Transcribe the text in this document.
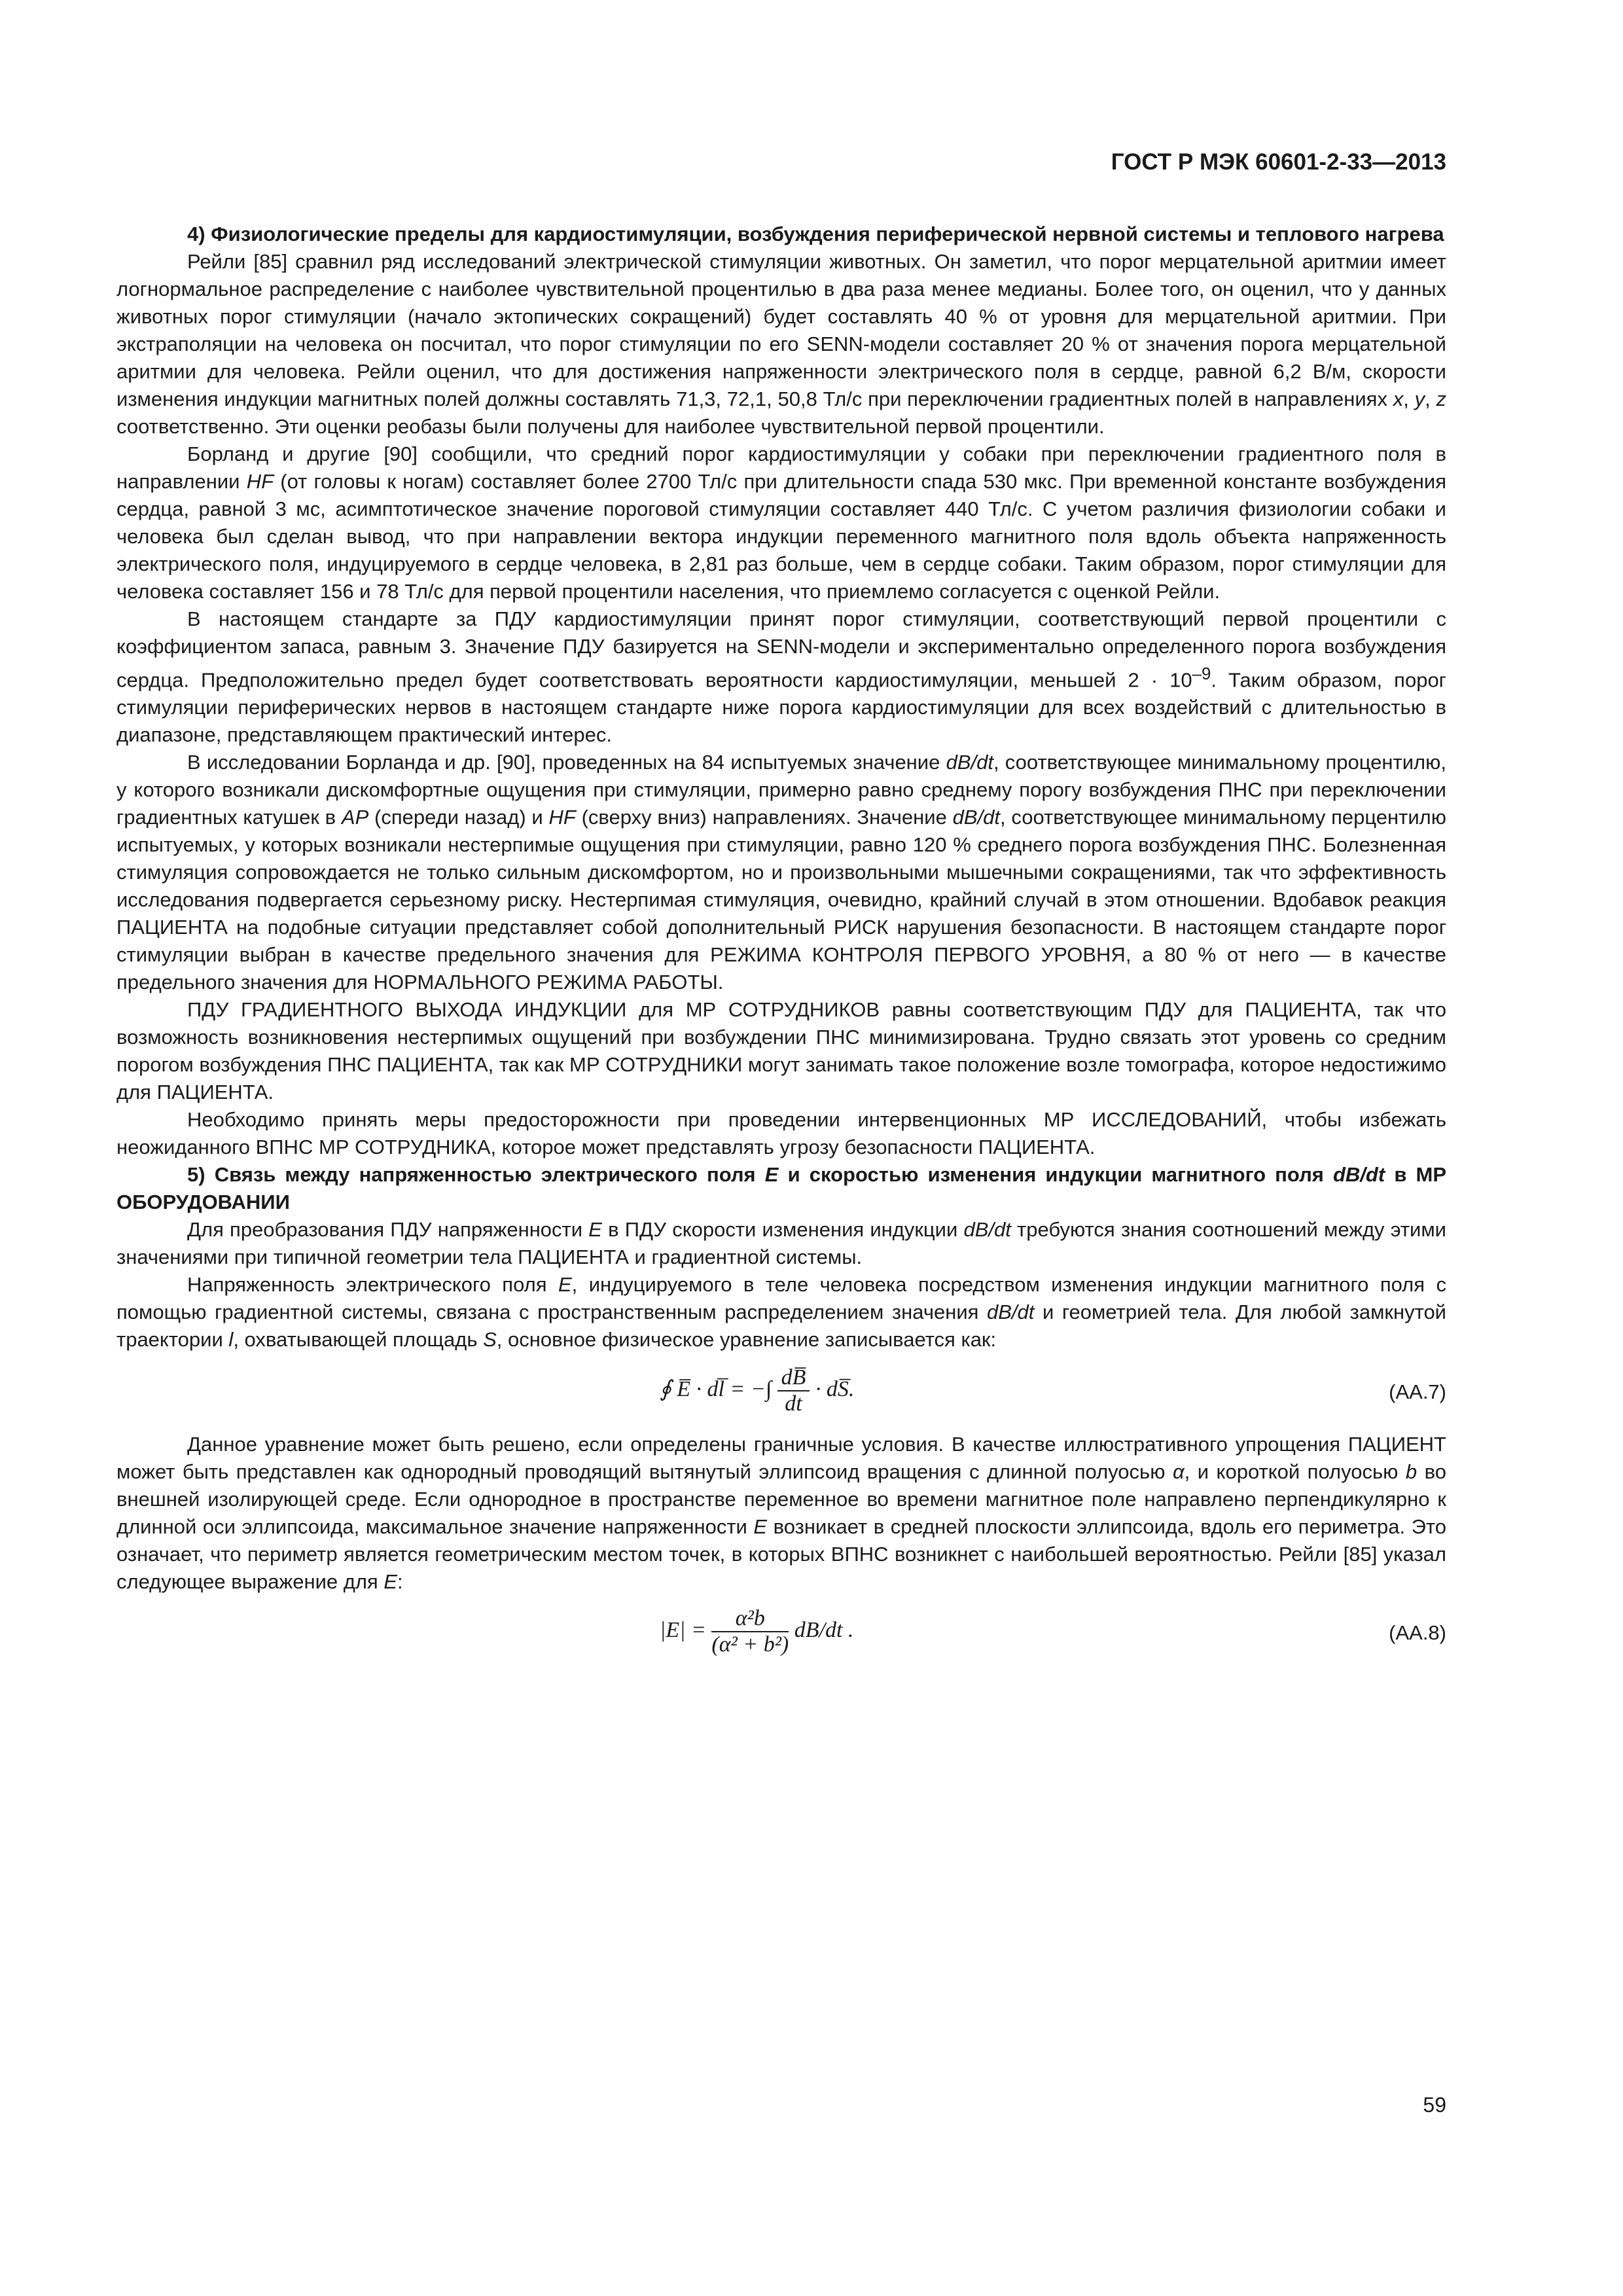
ГОСТ Р МЭК 60601-2-33—2013

4) Физиологические пределы для кардиостимуляции, возбуждения периферической нервной системы и теплового нагрева

Рейли [85] сравнил ряд исследований электрической стимуляции животных. Он заметил, что порог мерцательной аритмии имеет логнормальное распределение с наиболее чувствительной процентилью в два раза менее медианы. Более того, он оценил, что у данных животных порог стимуляции (начало эктопических сокращений) будет составлять 40 % от уровня для мерцательной аритмии. При экстраполяции на человека он посчитал, что порог стимуляции по его SENN-модели составляет 20 % от значения порога мерцательной аритмии для человека. Рейли оценил, что для достижения напряженности электрического поля в сердце, равной 6,2 В/м, скорости изменения индукции магнитных полей должны составлять 71,3, 72,1, 50,8 Тл/с при переключении градиентных полей в направлениях x, y, z соответственно. Эти оценки реобазы были получены для наиболее чувствительной первой процентили.

Борланд и другие [90] сообщили, что средний порог кардиостимуляции у собаки при переключении градиентного поля в направлении HF (от головы к ногам) составляет более 2700 Тл/с при длительности спада 530 мкс. При временной константе возбуждения сердца, равной 3 мс, асимптотическое значение пороговой стимуляции составляет 440 Тл/с. С учетом различия физиологии собаки и человека был сделан вывод, что при направлении вектора индукции переменного магнитного поля вдоль объекта напряженность электрического поля, индуцируемого в сердце человека, в 2,81 раз больше, чем в сердце собаки. Таким образом, порог стимуляции для человека составляет 156 и 78 Тл/с для первой процентили населения, что приемлемо согласуется с оценкой Рейли.

В настоящем стандарте за ПДУ кардиостимуляции принят порог стимуляции, соответствующий первой процентили с коэффициентом запаса, равным 3. Значение ПДУ базируется на SENN-модели и экспериментально определенного порога возбуждения сердца. Предположительно предел будет соответствовать вероятности кардиостимуляции, меньшей $2 \cdot 10^{-9}$. Таким образом, порог стимуляции периферических нервов в настоящем стандарте ниже порога кардиостимуляции для всех воздействий с длительностью в диапазоне, представляющем практический интерес.

В исследовании Борланда и др. [90], проведенных на 84 испытуемых значение dB/dt, соответствующее минимальному процентилю, у которого возникали дискомфортные ощущения при стимуляции, примерно равно среднему порогу возбуждения ПНС при переключении градиентных катушек в AP (спереди назад) и HF (сверху вниз) направлениях. Значение dB/dt, соответствующее минимальному перцентилю испытуемых, у которых возникали нестерпимые ощущения при стимуляции, равно 120 % среднего порога возбуждения ПНС. Болезненная стимуляция сопровождается не только сильным дискомфортом, но и произвольными мышечными сокращениями, так что эффективность исследования подвергается серьезному риску. Нестерпимая стимуляция, очевидно, крайний случай в этом отношении. Вдобавок реакция ПАЦИЕНТА на подобные ситуации представляет собой дополнительный РИСК нарушения безопасности. В настоящем стандарте порог стимуляции выбран в качестве предельного значения для РЕЖИМА КОНТРОЛЯ ПЕРВОГО УРОВНЯ, а 80 % от него — в качестве предельного значения для НОРМАЛЬНОГО РЕЖИМА РАБОТЫ.

ПДУ ГРАДИЕНТНОГО ВЫХОДА ИНДУКЦИИ для МР СОТРУДНИКОВ равны соответствующим ПДУ для ПАЦИЕНТА, так что возможность возникновения нестерпимых ощущений при возбуждении ПНС минимизирована. Трудно связать этот уровень со средним порогом возбуждения ПНС ПАЦИЕНТА, так как МР СОТРУДНИКИ могут занимать такое положение возле томографа, которое недостижимо для ПАЦИЕНТА.

Необходимо принять меры предосторожности при проведении интервенционных МР ИССЛЕДОВАНИЙ, чтобы избежать неожиданного ВПНС МР СОТРУДНИКА, которое может представлять угрозу безопасности ПАЦИЕНТА.

5) Связь между напряженностью электрического поля E и скоростью изменения индукции магнитного поля dB/dt в МР ОБОРУДОВАНИИ

Для преобразования ПДУ напряженности E в ПДУ скорости изменения индукции dB/dt требуются знания соотношений между этими значениями при типичной геометрии тела ПАЦИЕНТА и градиентной системы.

Напряженность электрического поля E, индуцируемого в теле человека посредством изменения индукции магнитного поля с помощью градиентной системы, связана с пространственным распределением значения dB/dt и геометрией тела. Для любой замкнутой траектории l, охватывающей площадь S, основное физическое уравнение записывается как:

∮ E̅ · dl̅ = −∫ $\frac{dB̅}{dt}$ · dS̅.	(АА.7)

Данное уравнение может быть решено, если определены граничные условия. В качестве иллюстративного упрощения ПАЦИЕНТ может быть представлен как однородный проводящий вытянутый эллипсоид вращения с длинной полуосью α, и короткой полуосью b во внешней изолирующей среде. Если однородное в пространстве переменное во времени магнитное поле направлено перпендикулярно к длинной оси эллипсоида, максимальное значение напряженности E возникает в средней плоскости эллипсоида, вдоль его периметра. Это означает, что периметр является геометрическим местом точек, в которых ВПНС возникнет с наибольшей вероятностью. Рейли [85] указал следующее выражение для E:

$|E| = \frac{\text{α²b}}{\text{(α² + b²)}} dB/dt$ .	(АА.8)
59
